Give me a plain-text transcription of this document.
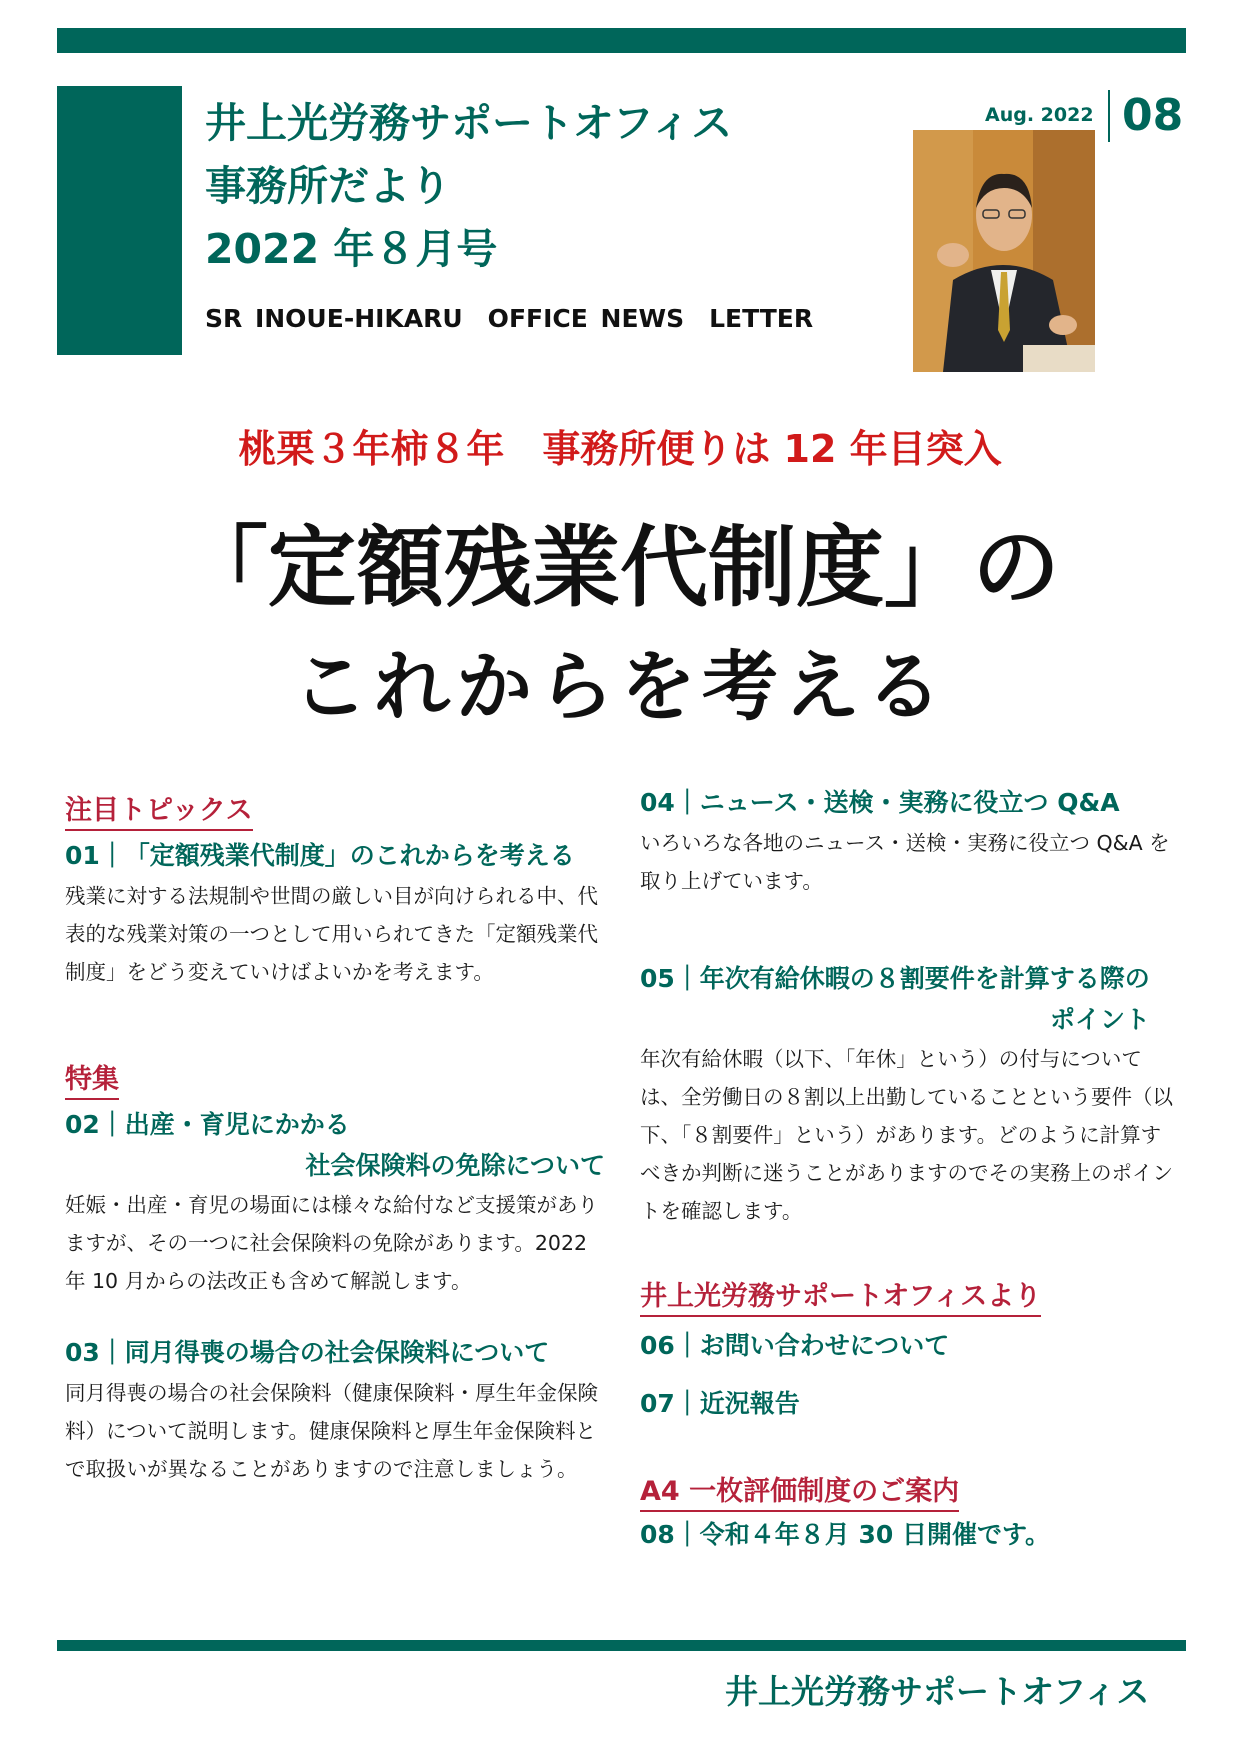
井上光労務サポートオフィス
事務所だより
2022 年８月号
SR INOUE-HIKARU　OFFICE NEWS　LETTER
Aug. 2022 08
桃栗３年柿８年　事務所便りは 12 年目突入
「定額残業代制度」の
これからを考える
注目トピックス
01｜「定額残業代制度」のこれからを考える
残業に対する法規制や世間の厳しい目が向けられる中、代表的な残業対策の一つとして用いられてきた「定額残業代制度」をどう変えていけばよいかを考えます。
特集
02｜出産・育児にかかる
社会保険料の免除について
妊娠・出産・育児の場面には様々な給付など支援策がありますが、その一つに社会保険料の免除があります。2022 年 10 月からの法改正も含めて解説します。
03｜同月得喪の場合の社会保険料について
同月得喪の場合の社会保険料（健康保険料・厚生年金保険料）について説明します。健康保険料と厚生年金保険料とで取扱いが異なることがありますので注意しましょう。
04｜ニュース・送検・実務に役立つ Q&A
いろいろな各地のニュース・送検・実務に役立つ Q&A を取り上げています。
05｜年次有給休暇の８割要件を計算する際の
ポイント
年次有給休暇（以下、「年休」という）の付与については、全労働日の８割以上出勤していることという要件（以下、「８割要件」という）があります。どのように計算すべきか判断に迷うことがありますのでその実務上のポイントを確認します。
井上光労務サポートオフィスより
06｜お問い合わせについて
07｜近況報告
A4 一枚評価制度のご案内
08｜令和４年８月 30 日開催です。
井上光労務サポートオフィス
